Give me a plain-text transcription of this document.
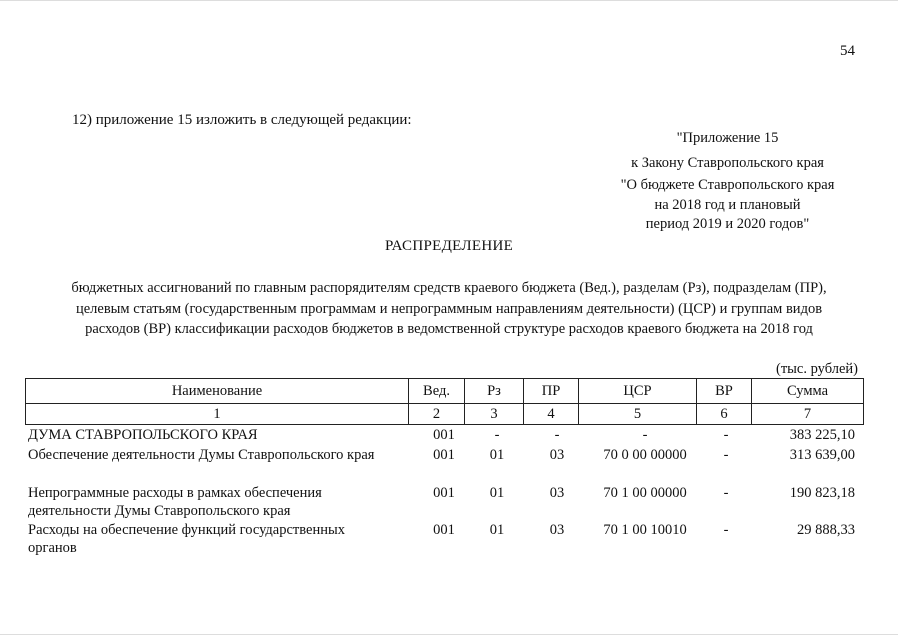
54
12) приложение 15 изложить в следующей редакции:
"Приложение 15
к Закону Ставропольского края
"О бюджете Ставропольского края
на 2018 год и плановый
период 2019 и 2020 годов"
РАСПРЕДЕЛЕНИЕ
бюджетных ассигнований по главным распорядителям средств краевого бюджета (Вед.), разделам (Рз), подразделам (ПР),
целевым статьям (государственным программам и непрограммным направлениям деятельности) (ЦСР) и группам видов
расходов (ВР) классификации расходов бюджетов в ведомственной структуре расходов краевого бюджета на 2018 год
(тыс. рублей)
Наименование	Вед.	Рз	ПР	ЦСР	ВР	Сумма
1	2	3	4	5	6	7
ДУМА СТАВРОПОЛЬСКОГО КРАЯ	001	-	-	-	-	383 225,10
Обеспечение деятельности Думы Ставропольского края	001	01	03	70 0 00 00000	-	313 639,00
Непрограммные расходы в рамках обеспечения	001	01	03	70 1 00 00000	-	190 823,18
деятельности Думы Ставропольского края
Расходы на обеспечение функций государственных	001	01	03	70 1 00 10010	-	29 888,33
органов
